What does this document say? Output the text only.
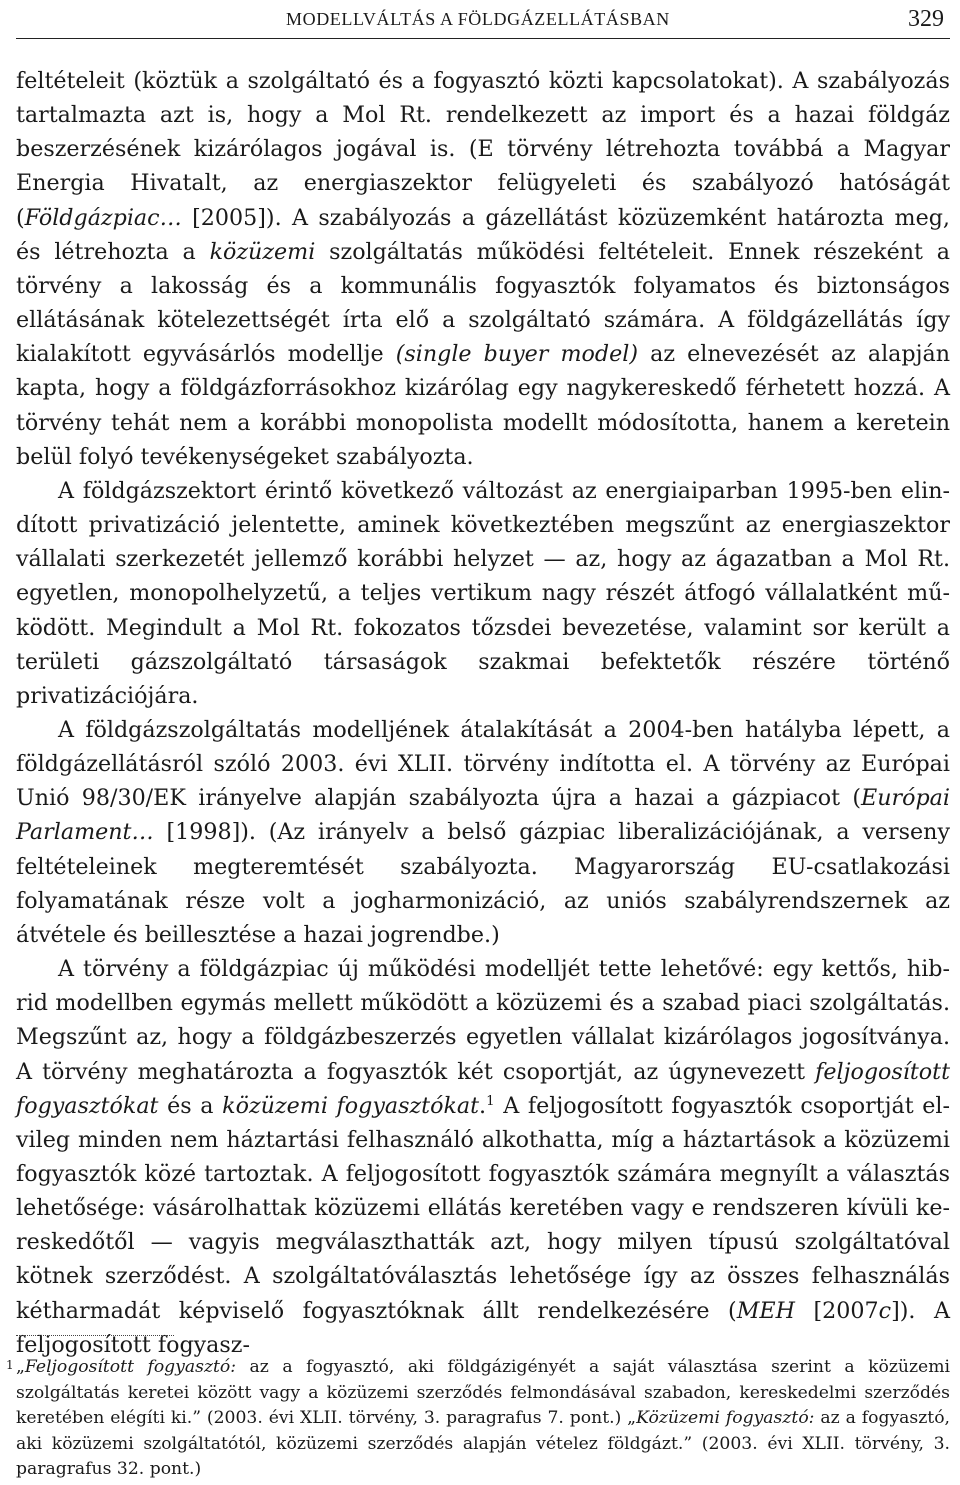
MODELLVÁLTÁS A FÖLDGÁZELLÁTÁSBAN	329

feltételeit (köztük a szolgáltató és a fogyasztó közti kapcsolatokat). A szabályozás tartalmazta azt is, hogy a Mol Rt. rendelkezett az import és a hazai földgáz beszerzésének kizárólagos jogával is. (E törvény létrehozta továbbá a Magyar Energia Hivatalt, az energiaszektor felügyeleti és szabályozó hatóságát (Földgázpiac… [2005]). A szabályozás a gázellátást közüzemként határozta meg, és létrehozta a közüzemi szolgáltatás működési feltételeit. Ennek részeként a törvény a lakosság és a kommunális fogyasztók folyamatos és biztonságos ellátásának kötelezettségét írta elő a szolgáltató számára. A földgázellátás így kialakított egyvásárlós modellje (single buyer model) az elnevezését az alapján kapta, hogy a földgázforrásokhoz kizárólag egy nagykereskedő férhetett hozzá. A törvény tehát nem a korábbi monopolista modellt módosította, hanem a keretein belül folyó tevékenységeket szabályozta.

A földgázszektort érintő következő változást az energiaiparban 1995-ben elindított privatizáció jelentette, aminek következtében megszűnt az energiaszektor vállalati szerkezetét jellemző korábbi helyzet — az, hogy az ágazatban a Mol Rt. egyetlen, monopolhelyzetű, a teljes vertikum nagy részét átfogó vállalatként működött. Megindult a Mol Rt. fokozatos tőzsdei bevezetése, valamint sor került a területi gázszolgáltató társaságok szakmai befektetők részére történő privatizációjára.

A földgázszolgáltatás modelljének átalakítását a 2004-ben hatályba lépett, a földgázellátásról szóló 2003. évi XLII. törvény indította el. A törvény az Európai Unió 98/30/EK irányelve alapján szabályozta újra a hazai a gázpiacot (Európai Parlament… [1998]). (Az irányelv a belső gázpiac liberalizációjának, a verseny feltételeinek megteremtését szabályozta. Magyarország EU-csatlakozási folyamatának része volt a jogharmonizáció, az uniós szabályrendszernek az átvétele és beillesztése a hazai jogrendbe.)

A törvény a földgázpiac új működési modelljét tette lehetővé: egy kettős, hibrid modellben egymás mellett működött a közüzemi és a szabad piaci szolgáltatás. Megszűnt az, hogy a földgázbeszerzés egyetlen vállalat kizárólagos jogosítványa. A törvény meghatározta a fogyasztók két csoportját, az úgynevezett feljogosított fogyasztókat és a közüzemi fogyasztókat.$^1$ A feljogosított fogyasztók csoportját elvileg minden nem háztartási felhasználó alkothatta, míg a háztartások a közüzemi fogyasztók közé tartoztak. A feljogosított fogyasztók számára megnyílt a választás lehetősége: vásárolhattak közüzemi ellátás keretében vagy e rendszeren kívüli kereskedőtől — vagyis megválaszthatták azt, hogy milyen típusú szolgáltatóval kötnek szerződést. A szolgáltatóválasztás lehetősége így az összes felhasználás kétharmadát képviselő fogyasztóknak állt rendelkezésére (MEH [2007c]). A feljogosított fogyasz-

1 „Feljogosított fogyasztó: az a fogyasztó, aki földgázigényét a saját választása szerint a közüzemi szolgáltatás keretei között vagy a közüzemi szerződés felmondásával szabadon, kereskedelmi szerződés keretében elégíti ki.” (2003. évi XLII. törvény, 3. paragrafus 7. pont.) „Közüzemi fogyasztó: az a fogyasztó, aki közüzemi szolgáltatótól, közüzemi szerződés alapján vételez földgázt.” (2003. évi XLII. törvény, 3. paragrafus 32. pont.)
